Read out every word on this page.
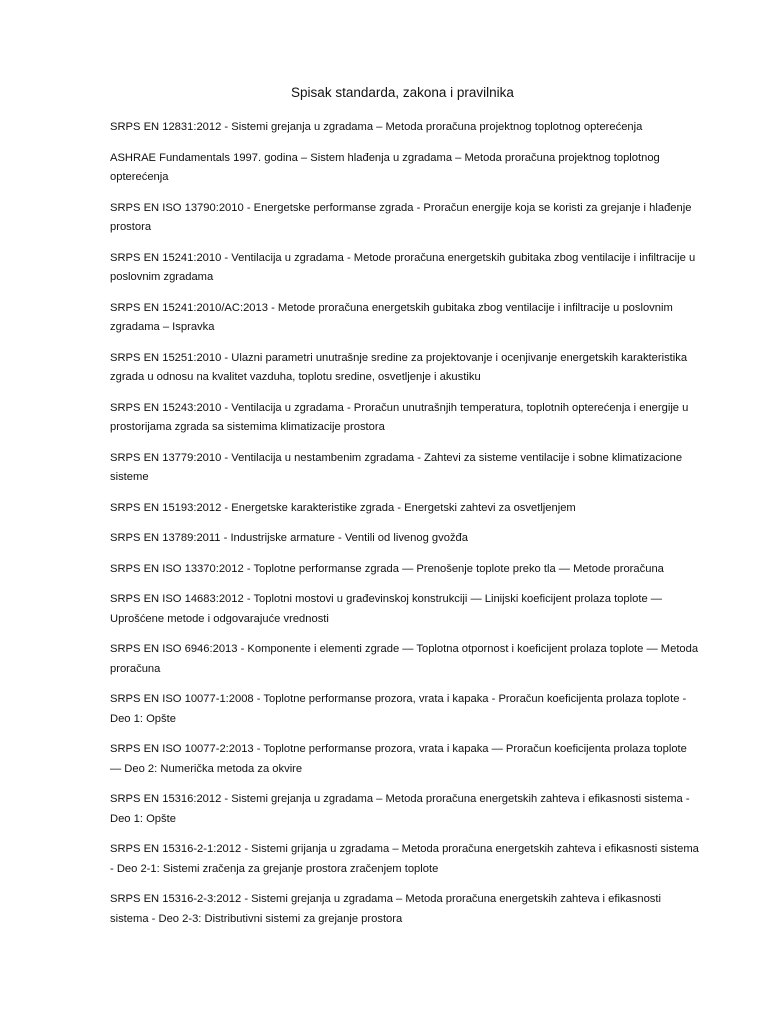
Spisak standarda, zakona i pravilnika
SRPS EN 12831:2012 - Sistemi grejanja u zgradama – Metoda proračuna projektnog toplotnog opterećenja
ASHRAE Fundamentals 1997. godina – Sistem hlađenja u zgradama – Metoda proračuna projektnog toplotnog opterećenja
SRPS EN ISO 13790:2010 - Energetske performanse zgrada - Proračun energije koja se koristi za grejanje i hlađenje prostora
SRPS EN 15241:2010 - Ventilacija u zgradama - Metode proračuna energetskih gubitaka zbog ventilacije i infiltracije u poslovnim zgradama
SRPS EN 15241:2010/AC:2013 - Metode proračuna energetskih gubitaka zbog ventilacije i infiltracije u poslovnim zgradama – Ispravka
SRPS EN 15251:2010 - Ulazni parametri unutrašnje sredine za projektovanje i ocenjivanje energetskih karakteristika zgrada u odnosu na kvalitet vazduha, toplotu sredine, osvetljenje i akustiku
SRPS EN 15243:2010 - Ventilacija u zgradama - Proračun unutrašnjih temperatura, toplotnih opterećenja i energije u prostorijama zgrada sa sistemima klimatizacije prostora
SRPS EN 13779:2010 - Ventilacija u nestambenim zgradama - Zahtevi za sisteme ventilacije i sobne klimatizacione sisteme
SRPS EN 15193:2012 - Energetske karakteristike zgrada - Energetski zahtevi za osvetljenjem
SRPS EN 13789:2011 - Industrijske armature - Ventili od livenog gvožđa
SRPS EN ISO 13370:2012 - Toplotne performanse zgrada — Prenošenje toplote preko tla — Metode proračuna
SRPS EN ISO 14683:2012 - Toplotni mostovi u građevinskoj konstrukciji — Linijski koeficijent prolaza toplote — Uprošćene metode i odgovarajuće vrednosti
SRPS EN ISO 6946:2013 - Komponente i elementi zgrade — Toplotna otpornost i koeficijent prolaza toplote — Metoda proračuna
SRPS EN ISO 10077-1:2008 - Toplotne performanse prozora, vrata i kapaka - Proračun koeficijenta prolaza toplote - Deo 1: Opšte
SRPS EN ISO 10077-2:2013 - Toplotne performanse prozora, vrata i kapaka — Proračun koeficijenta prolaza toplote — Deo 2: Numerička metoda za okvire
SRPS EN 15316:2012 - Sistemi grejanja u zgradama – Metoda proračuna energetskih zahteva i efikasnosti sistema - Deo 1: Opšte
SRPS EN 15316-2-1:2012 - Sistemi grijanja u zgradama – Metoda proračuna energetskih zahteva i efikasnosti sistema - Deo 2-1: Sistemi zračenja za grejanje prostora zračenjem toplote
SRPS EN 15316-2-3:2012 - Sistemi grejanja u zgradama – Metoda proračuna energetskih zahteva i efikasnosti sistema - Deo 2-3: Distributivni sistemi za grejanje prostora
